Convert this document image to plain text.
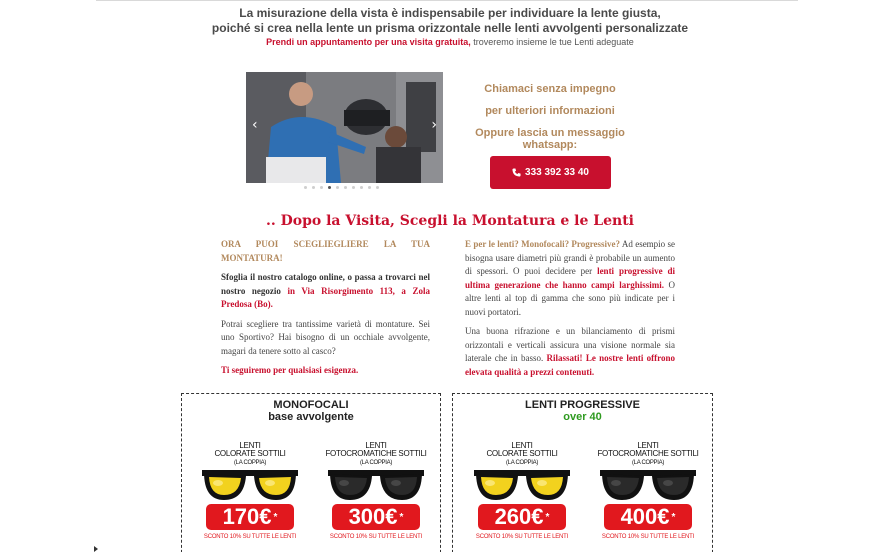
La misurazione della vista è indispensabile per individuare la lente giusta,
poiché si crea nella lente un prisma orizzontale nelle lenti avvolgenti personalizzate
Prendi un appuntamento per una visita gratuita, troveremo insieme le tue Lenti adeguate
‹	›
Chiamaci senza impegno
per ulteriori informazioni
Oppure lascia un messaggio whatsapp:
333 392 33 40
.. Dopo la Visita, Scegli la Montatura e le Lenti

ORA PUOI SCEGLIEGLIERE LA TUA MONTATURA!

Sfoglia il nostro catalogo online, o passa a trovarci nel nostro negozio in Via Risorgimento 113, a Zola Predosa (Bo).

Potrai scegliere tra tantissime varietà di montature. Sei uno Sportivo? Hai bisogno di un occhiale avvolgente, magari da tenere sotto al casco?

Ti seguiremo per qualsiasi esigenza.

E per le lenti? Monofocali? Progressive? Ad esempio se bisogna usare diametri più grandi è probabile un aumento di spessori. O puoi decidere per lenti progressive di ultima generazione che hanno campi larghissimi. O altre lenti al top di gamma che sono più indicate per i nuovi portatori.

Una buona rifrazione e un bilanciamento di prismi orizzontali e verticali assicura una visione normale sia laterale che in basso. Rilassati! Le nostre lenti offrono elevata qualità a prezzi contenuti.

MONOFOCALI
base avvolgente
LENTI
COLORATE SOTTILI
(LA COPPIA)
170€ *
SCONTO 10% SU TUTTE LE LENTI
LENTI
FOTOCROMATICHE SOTTILI
(LA COPPIA)
300€ *
SCONTO 10% SU TUTTE LE LENTI
LENTI PROGRESSIVE
over 40
LENTI
COLORATE SOTTILI
(LA COPPIA)
260€ *
SCONTO 10% SU TUTTE LE LENTI
LENTI
FOTOCROMATICHE SOTTILI
(LA COPPIA)
400€ *
SCONTO 10% SU TUTTE LE LENTI
